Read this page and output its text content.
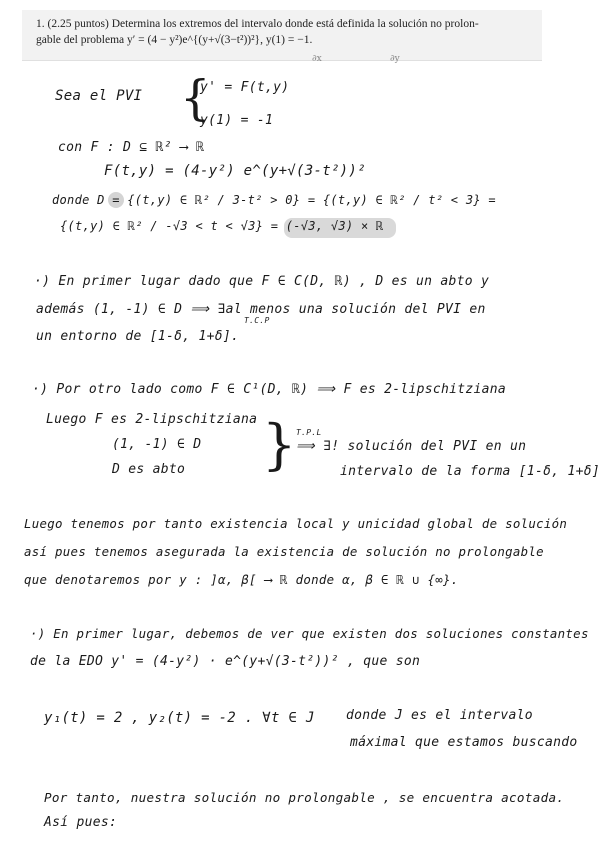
1. (2.25 puntos) Determina los extremos del intervalo donde está definida la solución no prolon-
gable del problema y′ = (4 − y²)e^{(y+√(3−t²))²}, y(1) = −1.
∂x	∂y
Sea el PVI {
y' = F(t,y)
y(1) = -1
con F : D ⊆ ℝ² ⟶ ℝ
F(t,y) = (4-y²) e^(y+√(3-t²))²
donde D = {(t,y) ∈ ℝ² / 3-t² > 0} = {(t,y) ∈ ℝ² / t² < 3} =
{(t,y) ∈ ℝ² / -√3 < t < √3} = (-√3, √3) × ℝ
·) En primer lugar dado que F ∈ C(D, ℝ) , D es un abto y
además (1, -1) ∈ D ⟹ ∃al menos una solución del PVI en
T.C.P
un entorno de [1-δ, 1+δ].
·) Por otro lado como F ∈ C¹(D, ℝ) ⟹ F es 2-lipschitziana
Luego F es 2-lipschitziana
(1, -1) ∈ D
D es abto } T.P.L
⟹ ∃! solución del PVI en un
intervalo de la forma [1-δ, 1+δ]
Luego tenemos por tanto existencia local y unicidad global de solución
así pues tenemos asegurada la existencia de solución no prolongable
que denotaremos por y : ]α, β[ ⟶ ℝ donde α, β ∈ ℝ ∪ {∞}.
·) En primer lugar, debemos de ver que existen dos soluciones constantes
de la EDO y' = (4-y²) · e^(y+√(3-t²))² , que son
y₁(t) = 2 , y₂(t) = -2 . ∀t ∈ J donde J es el intervalo
máximal que estamos buscando
Por tanto, nuestra solución no prolongable , se encuentra acotada.
Así pues:
